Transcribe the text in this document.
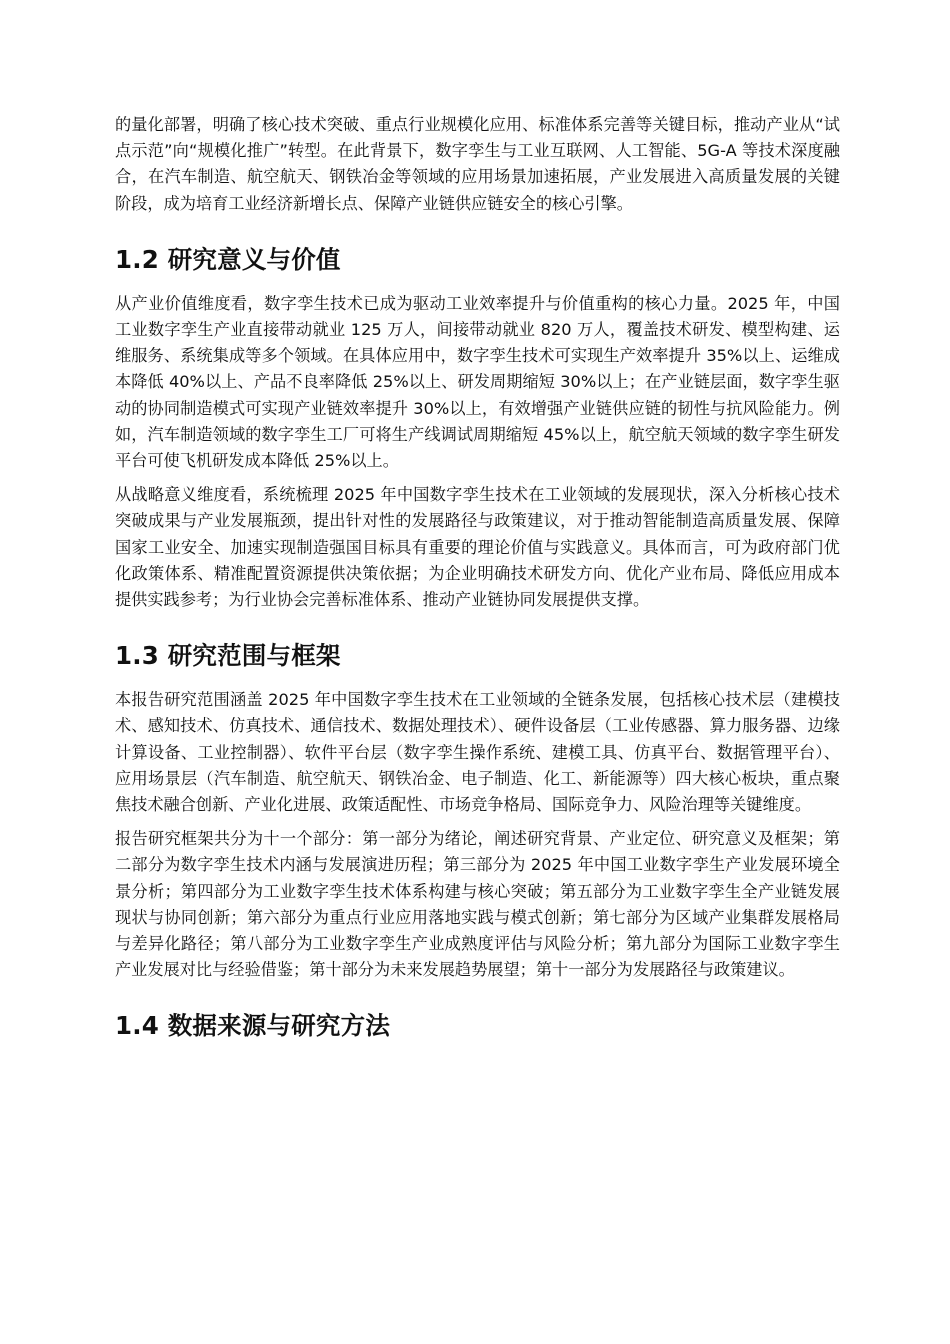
的量化部署，明确了核心技术突破、重点行业规模化应用、标准体系完善等关键目标，推动产业从“试点示范”向“规模化推广”转型。在此背景下，数字孪生与工业互联网、人工智能、5G-A 等技术深度融合，在汽车制造、航空航天、钢铁冶金等领域的应用场景加速拓展，产业发展进入高质量发展的关键阶段，成为培育工业经济新增长点、保障产业链供应链安全的核心引擎。

1.2 研究意义与价值

从产业价值维度看，数字孪生技术已成为驱动工业效率提升与价值重构的核心力量。2025 年，中国工业数字孪生产业直接带动就业 125 万人，间接带动就业 820 万人，覆盖技术研发、模型构建、运维服务、系统集成等多个领域。在具体应用中，数字孪生技术可实现生产效率提升 35%以上、运维成本降低 40%以上、产品不良率降低 25%以上、研发周期缩短 30%以上；在产业链层面，数字孪生驱动的协同制造模式可实现产业链效率提升 30%以上，有效增强产业链供应链的韧性与抗风险能力。例如，汽车制造领域的数字孪生工厂可将生产线调试周期缩短 45%以上，航空航天领域的数字孪生研发平台可使飞机研发成本降低 25%以上。

从战略意义维度看，系统梳理 2025 年中国数字孪生技术在工业领域的发展现状，深入分析核心技术突破成果与产业发展瓶颈，提出针对性的发展路径与政策建议，对于推动智能制造高质量发展、保障国家工业安全、加速实现制造强国目标具有重要的理论价值与实践意义。具体而言，可为政府部门优化政策体系、精准配置资源提供决策依据；为企业明确技术研发方向、优化产业布局、降低应用成本提供实践参考；为行业协会完善标准体系、推动产业链协同发展提供支撑。

1.3 研究范围与框架

本报告研究范围涵盖 2025 年中国数字孪生技术在工业领域的全链条发展，包括核心技术层（建模技术、感知技术、仿真技术、通信技术、数据处理技术）、硬件设备层（工业传感器、算力服务器、边缘计算设备、工业控制器）、软件平台层（数字孪生操作系统、建模工具、仿真平台、数据管理平台）、应用场景层（汽车制造、航空航天、钢铁冶金、电子制造、化工、新能源等）四大核心板块，重点聚焦技术融合创新、产业化进展、政策适配性、市场竞争格局、国际竞争力、风险治理等关键维度。

报告研究框架共分为十一个部分：第一部分为绪论，阐述研究背景、产业定位、研究意义及框架；第二部分为数字孪生技术内涵与发展演进历程；第三部分为 2025 年中国工业数字孪生产业发展环境全景分析；第四部分为工业数字孪生技术体系构建与核心突破；第五部分为工业数字孪生全产业链发展现状与协同创新；第六部分为重点行业应用落地实践与模式创新；第七部分为区域产业集群发展格局与差异化路径；第八部分为工业数字孪生产业成熟度评估与风险分析；第九部分为国际工业数字孪生产业发展对比与经验借鉴；第十部分为未来发展趋势展望；第十一部分为发展路径与政策建议。

1.4 数据来源与研究方法
